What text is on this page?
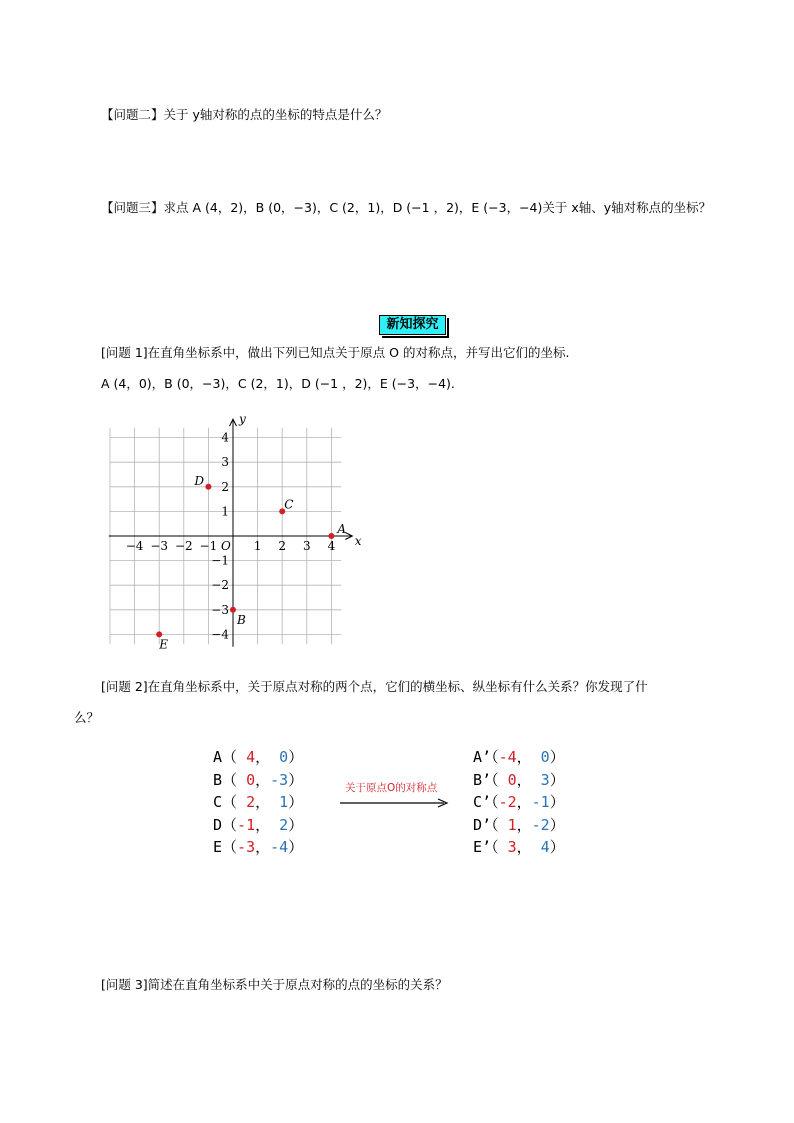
【问题二】关于 y轴对称的点的坐标的特点是什么？
【问题三】求点 A (4，2)，B (0，−3)，C (2，1)，D (−1 ，2)，E (−3，−4)关于 x轴、y轴对称点的坐标？
新知探究
[问题 1]在直角坐标系中，做出下列已知点关于原点 O 的对称点，并写出它们的坐标.
A (4，0)，B (0，−3)，C (2，1)，D (−1 ，2)，E (−3，−4).
x
y
O
−4 −3 −2 −1	1 2 3 4
4
3
2
1
−1
−2
−3
−4
A
B
C
D
E
[问题 2]在直角坐标系中，关于原点对称的两个点，它们的横坐标、纵坐标有什么关系？你发现了什
么？
A（ 4， 0）
B（ 0，-3）
C（ 2， 1）
D（-1， 2）
E（-3，-4）
关于原点O的对称点
A’（-4， 0）
B’（ 0， 3）
C’（-2，-1）
D’（ 1，-2）
E’（ 3， 4）
[问题 3]简述在直角坐标系中关于原点对称的点的坐标的关系？
